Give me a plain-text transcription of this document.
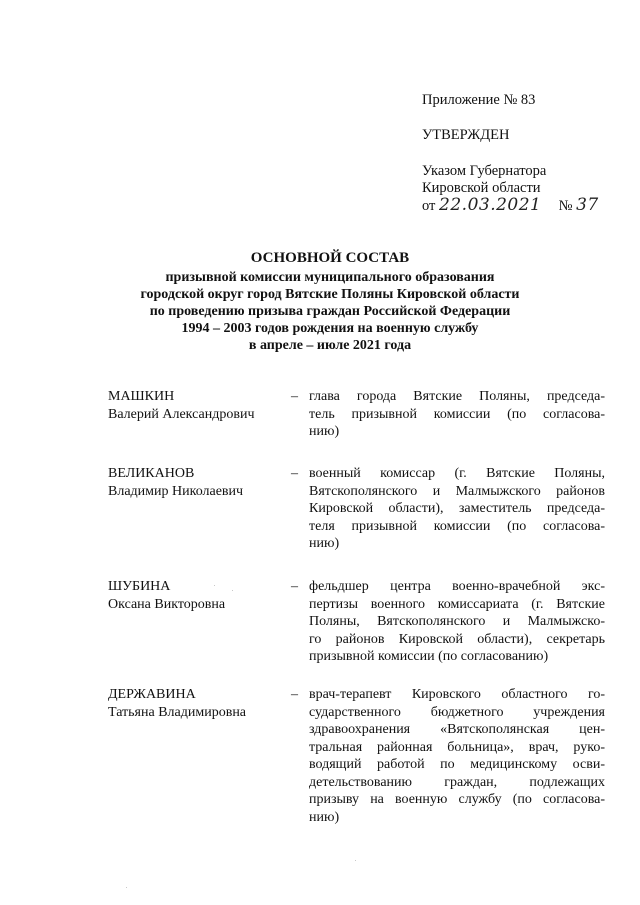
Приложение № 83
УТВЕРЖДЕН
Указом Губернатора
Кировской области
от 22.03.2021 № 37
ОСНОВНОЙ СОСТАВ
призывной комиссии муниципального образования
городской округ город Вятские Поляны Кировской области
по проведению призыва граждан Российской Федерации
1994 – 2003 годов рождения на военную службу
в апреле – июле 2021 года
МАШКИН
Валерий Александрович
– глава города Вятские Поляны, председа-
тель призывной комиссии (по согласова-
нию)
ВЕЛИКАНОВ
Владимир Николаевич
– военный комиссар (г. Вятские Поляны,
Вятскополянского и Малмыжского районов
Кировской области), заместитель председа-
теля призывной комиссии (по согласова-
нию)
ШУБИНА
Оксана Викторовна
– фельдшер центра военно-врачебной экс-
пертизы военного комиссариата (г. Вятские
Поляны, Вятскополянского и Малмыжско-
го районов Кировской области), секретарь
призывной комиссии (по согласованию)
ДЕРЖАВИНА
Татьяна Владимировна
– врач-терапевт Кировского областного го-
сударственного бюджетного учреждения
здравоохранения «Вятскополянская цен-
тральная районная больница», врач, руко-
водящий работой по медицинскому осви-
детельствованию граждан, подлежащих
призыву на военную службу (по согласова-
нию)
